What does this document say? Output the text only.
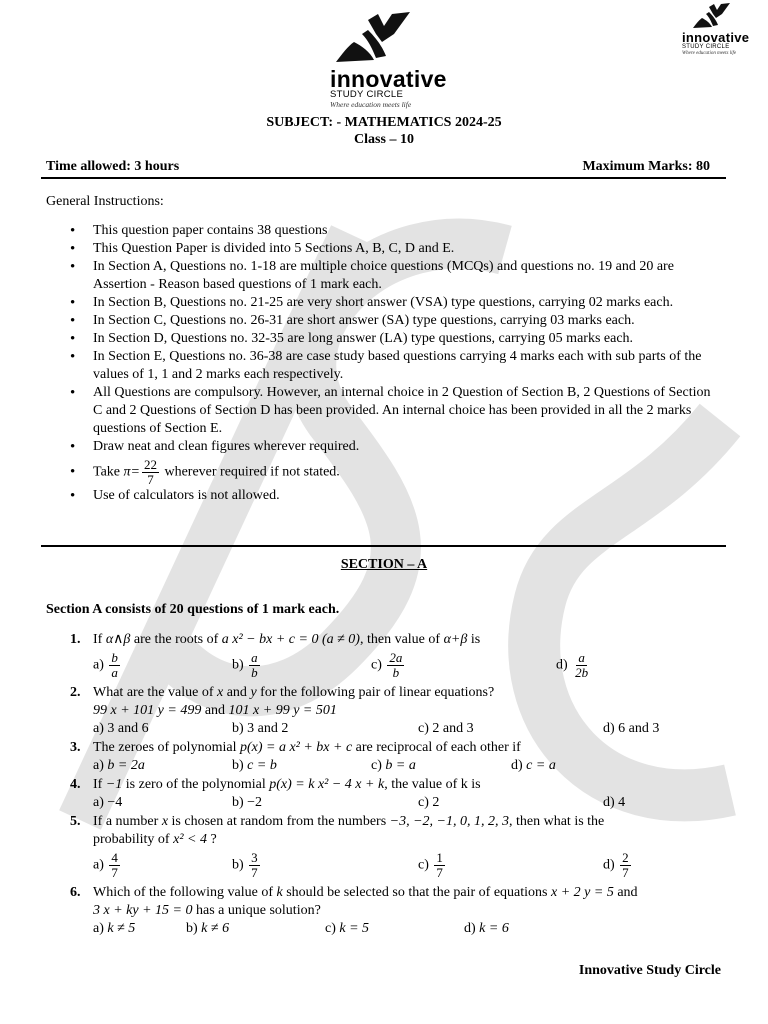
innovative
STUDY CIRCLE
Where education meets life
innovative
STUDY CIRCLE
Where education meets life
SUBJECT: - MATHEMATICS 2024-25
Class – 10
Time allowed: 3 hours	Maximum Marks: 80
General Instructions:
• This question paper contains 38 questions
• This Question Paper is divided into 5 Sections A, B, C, D and E.
• In Section A, Questions no. 1-18 are multiple choice questions (MCQs) and questions no. 19 and 20 are Assertion - Reason based questions of 1 mark each.
• In Section B, Questions no. 21-25 are very short answer (VSA) type questions, carrying 02 marks each.
• In Section C, Questions no. 26-31 are short answer (SA) type questions, carrying 03 marks each.
• In Section D, Questions no. 32-35 are long answer (LA) type questions, carrying 05 marks each.
• In Section E, Questions no. 36-38 are case study based questions carrying 4 marks each with sub parts of the values of 1, 1 and 2 marks each respectively.
• All Questions are compulsory. However, an internal choice in 2 Question of Section B, 2 Questions of Section C and 2 Questions of Section D has been provided. An internal choice has been provided in all the 2 marks questions of Section E.
• Draw neat and clean figures wherever required.
• Take $\pi= \frac{22}{7}$ wherever required if not stated.
• Use of calculators is not allowed.
SECTION – A
Section A consists of 20 questions of 1 mark each.
1. If α∧β are the roots of a x² − bx + c = 0 (a ≠ 0), then value of α+β is
$a) \frac{b}{a}$	$b) \frac{a}{b}$	$c) \frac{2a}{b}$	$d) \frac{a}{2b}$
2. What are the value of x and y for the following pair of linear equations?
99 x + 101 y = 499 and 101 x + 99 y = 501
a) 3 and 6	b) 3 and 2	c) 2 and 3	d) 6 and 3
3. The zeroes of polynomial p(x) = a x² + bx + c are reciprocal of each other if
a) b = 2a	b) c = b	c) b = a	d) c = a
4. If −1 is zero of the polynomial p(x) = k x² − 4 x + k, the value of k is
a) −4	b) −2	c) 2	d) 4
5. If a number x is chosen at random from the numbers −3, −2, −1, 0, 1, 2, 3, then what is the
probability of x² < 4 ?
$a) \frac{4}{7}$	$b) \frac{3}{7}$	$c) \frac{1}{7}$	$d) \frac{2}{7}$
6. Which of the following value of k should be selected so that the pair of equations x + 2 y = 5 and
3 x + ky + 15 = 0 has a unique solution?
a) k ≠ 5	b) k ≠ 6	c) k = 5	d) k = 6
Innovative Study Circle
